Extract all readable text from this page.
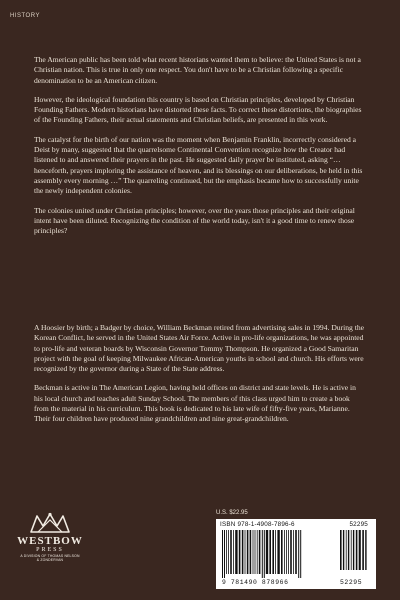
HISTORY

The American public has been told what recent historians wanted them to believe: the United States is not a Christian nation. This is true in only one respect. You don't have to be a Christian following a specific denomination to be an American citizen.

However, the ideological foundation this country is based on Christian principles, developed by Christian Founding Fathers. Modern historians have distorted these facts. To correct these distortions, the biographies of the Founding Fathers, their actual statements and Christian beliefs, are presented in this work.

The catalyst for the birth of our nation was the moment when Benjamin Franklin, incorrectly considered a Deist by many, suggested that the quarrelsome Continental Convention recognize how the Creator had listened to and answered their prayers in the past. He suggested daily prayer be instituted, asking “… henceforth, prayers imploring the assistance of heaven, and its blessings on our deliberations, be held in this assembly every morning …” The quarreling continued, but the emphasis became how to successfully unite the newly independent colonies.

The colonies united under Christian principles; however, over the years those principles and their original intent have been diluted. Recognizing the condition of the world today, isn't it a good time to renew those principles?

A Hoosier by birth; a Badger by choice, William Beckman retired from advertising sales in 1994. During the Korean Conflict, he served in the United States Air Force. Active in pro-life organizations, he was appointed to pro-life and veteran boards by Wisconsin Governor Tommy Thompson. He organized a Good Samaritan project with the goal of keeping Milwaukee African-American youths in school and church. His efforts were recognized by the governor during a State of the State address.

Beckman is active in The American Legion, having held offices on district and state levels. He is active in his local church and teaches adult Sunday School. The members of this class urged him to create a book from the material in his curriculum. This book is dedicated to his late wife of fifty-five years, Marianne. Their four children have produced nine grandchildren and nine great-grandchildren.

WESTBOW
PRESS
A DIVISION OF THOMAS NELSON
& ZONDERVAN
U.S. $22.95
ISBN 978-1-4908-7896-6	52295
9 781490 878966	52295
